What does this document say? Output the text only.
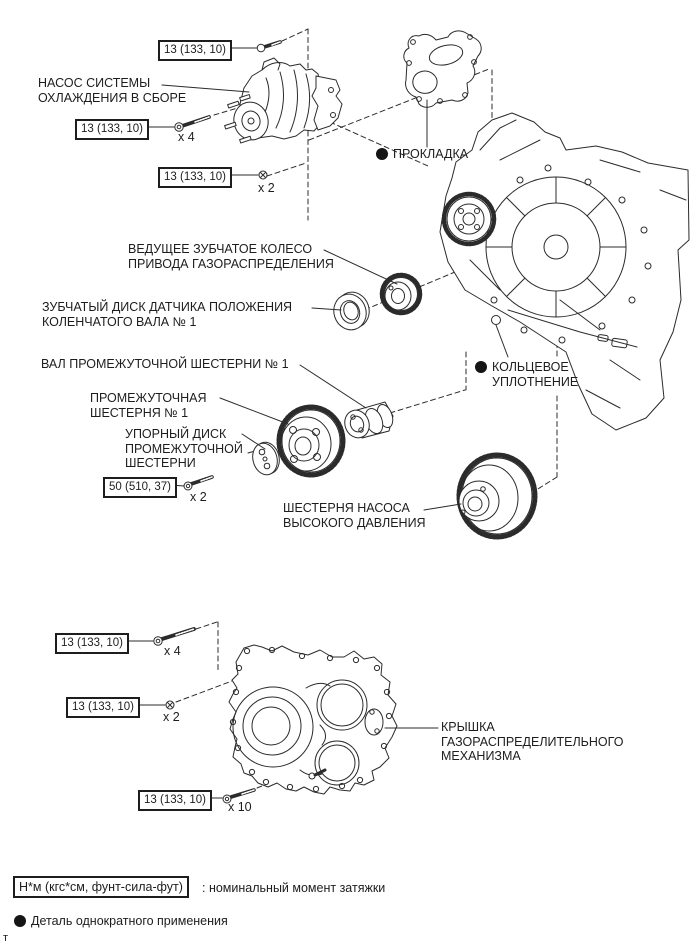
13 (133, 10)
13 (133, 10)
13 (133, 10)
50 (510, 37)
13 (133, 10)
13 (133, 10)
13 (133, 10)
x 4
x 2
x 2
x 4
x 2
x 10
НАСОС СИСТЕМЫ
ОХЛАЖДЕНИЯ В СБОРЕ
ПРОКЛАДКА
ВЕДУЩЕЕ ЗУБЧАТОЕ КОЛЕСО
ПРИВОДА ГАЗОРАСПРЕДЕЛЕНИЯ
ЗУБЧАТЫЙ ДИСК ДАТЧИКА ПОЛОЖЕНИЯ
КОЛЕНЧАТОГО ВАЛА № 1
ВАЛ ПРОМЕЖУТОЧНОЙ ШЕСТЕРНИ № 1
ПРОМЕЖУТОЧНАЯ
ШЕСТЕРНЯ № 1
УПОРНЫЙ ДИСК
ПРОМЕЖУТОЧНОЙ
ШЕСТЕРНИ
КОЛЬЦЕВОЕ
УПЛОТНЕНИЕ
ШЕСТЕРНЯ НАСОСА
ВЫСОКОГО ДАВЛЕНИЯ
КРЫШКА
ГАЗОРАСПРЕДЕЛИТЕЛЬНОГО
МЕХАНИЗМА
Н*м (кгс*см, фунт-сила-фут)	: номинальный момент затяжки
Деталь однократного применения
т
